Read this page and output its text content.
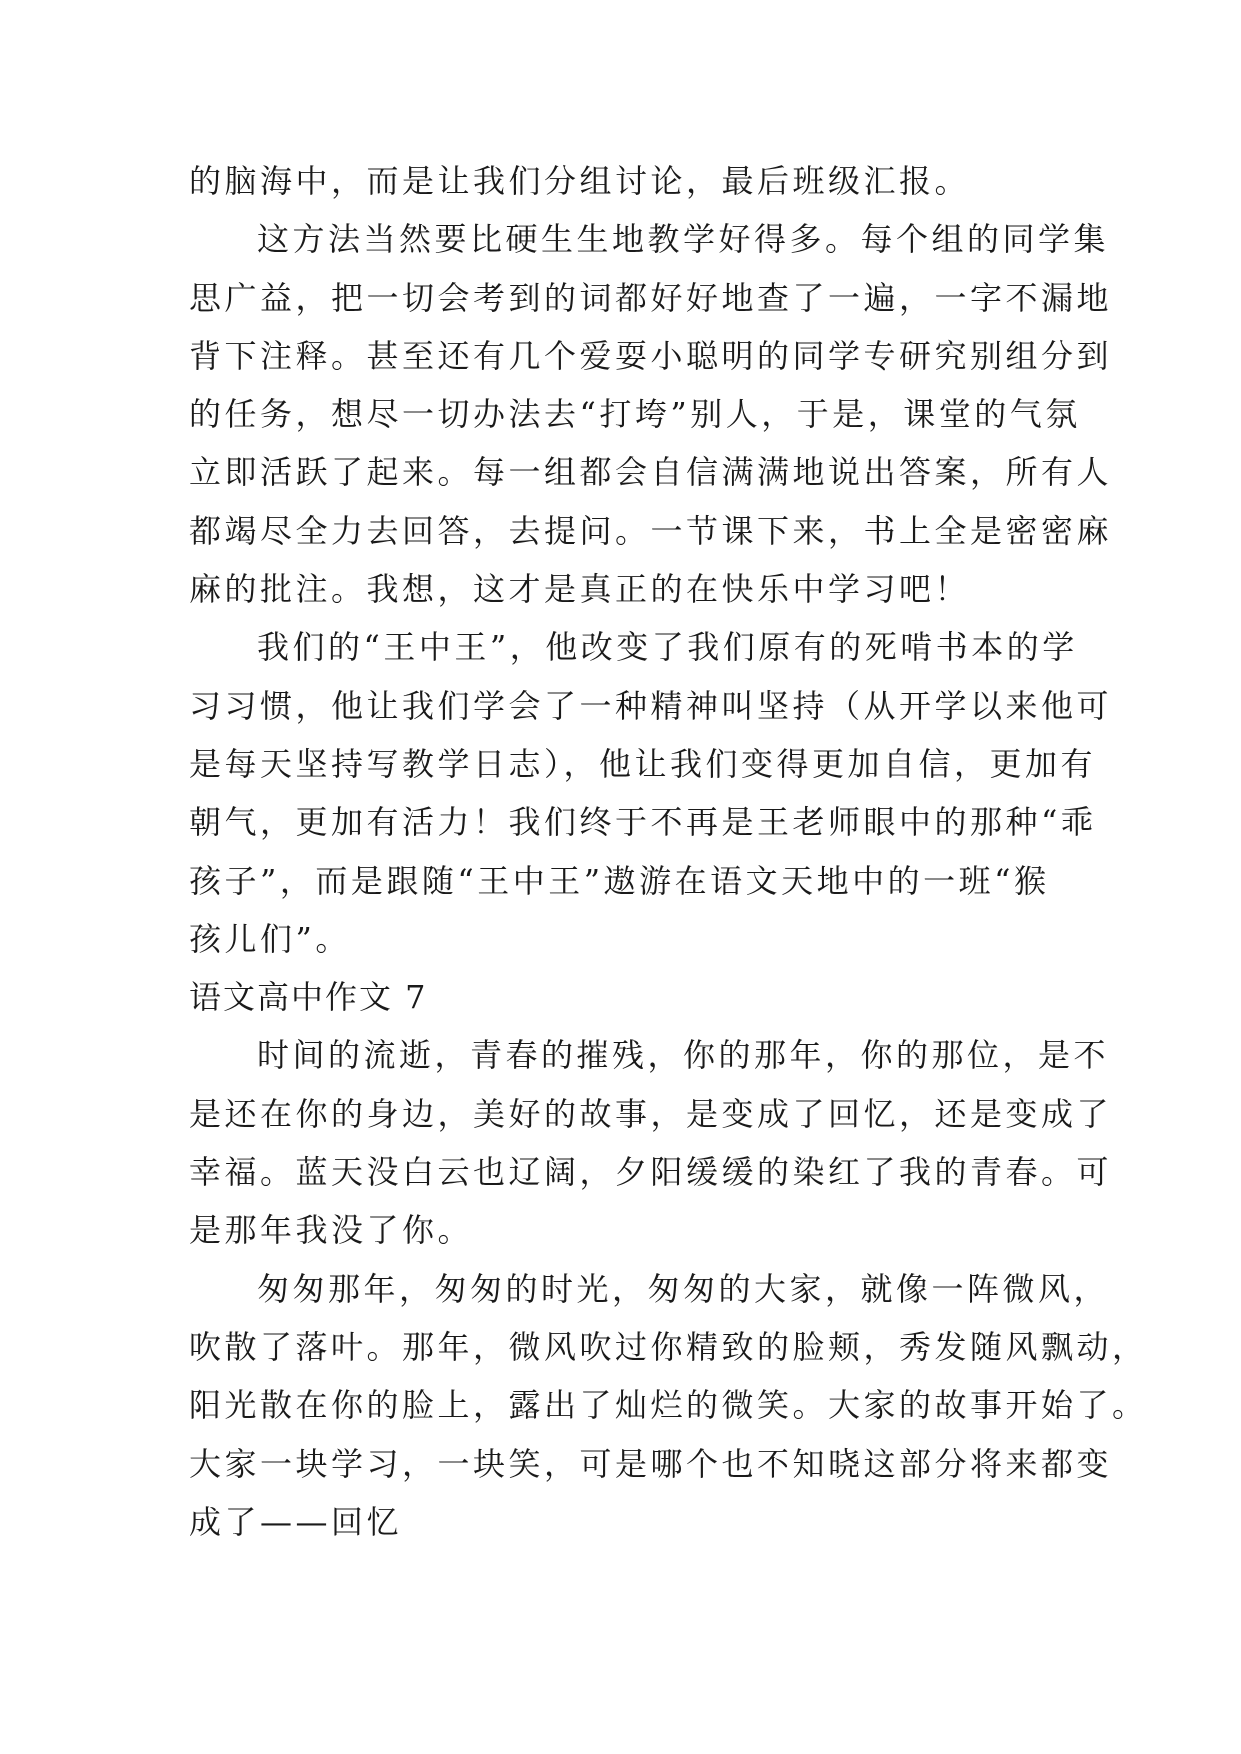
的脑海中，而是让我们分组讨论，最后班级汇报。
这方法当然要比硬生生地教学好得多。每个组的同学集
思广益，把一切会考到的词都好好地查了一遍，一字不漏地
背下注释。甚至还有几个爱耍小聪明的同学专研究别组分到
的任务，想尽一切办法去“打垮”别人，于是，课堂的气氛
立即活跃了起来。每一组都会自信满满地说出答案，所有人
都竭尽全力去回答，去提问。一节课下来，书上全是密密麻
麻的批注。我想，这才是真正的在快乐中学习吧！
我们的“王中王”，他改变了我们原有的死啃书本的学
习习惯，他让我们学会了一种精神叫坚持（从开学以来他可
是每天坚持写教学日志），他让我们变得更加自信，更加有
朝气，更加有活力！我们终于不再是王老师眼中的那种“乖
孩子”，而是跟随“王中王”遨游在语文天地中的一班“猴
孩儿们”。
语文高中作文 7
时间的流逝，青春的摧残，你的那年，你的那位，是不
是还在你的身边，美好的故事，是变成了回忆，还是变成了
幸福。蓝天没白云也辽阔，夕阳缓缓的染红了我的青春。可
是那年我没了你。
匆匆那年，匆匆的时光，匆匆的大家，就像一阵微风，
吹散了落叶。那年，微风吹过你精致的脸颊，秀发随风飘动，
阳光散在你的脸上，露出了灿烂的微笑。大家的故事开始了。
大家一块学习，一块笑，可是哪个也不知晓这部分将来都变
成了——回忆
